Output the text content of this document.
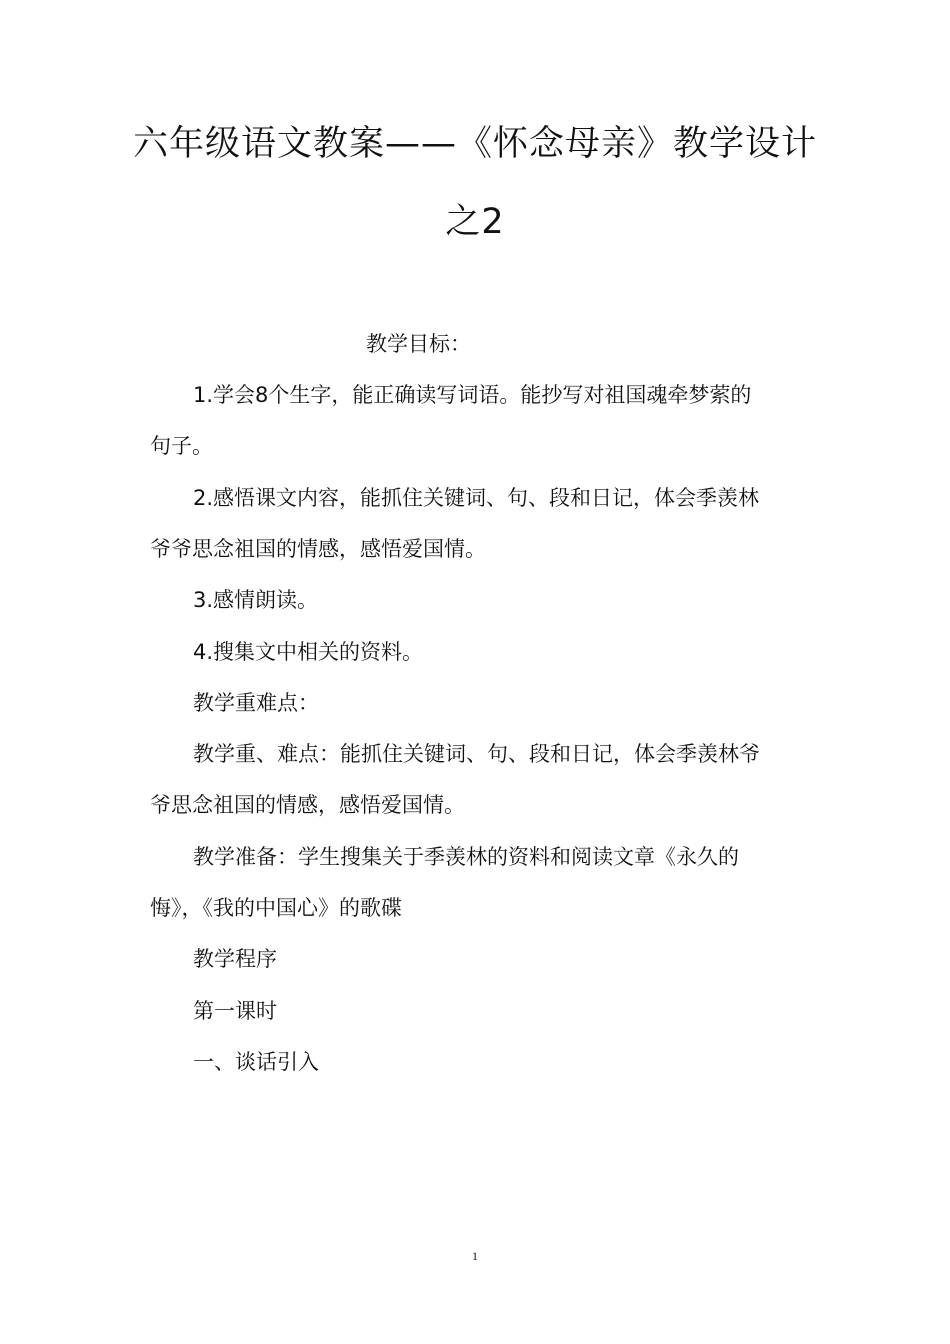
六年级语文教案——《怀念母亲》教学设计
之2

教学目标：

1.学会8个生字，能正确读写词语。能抄写对祖国魂牵梦萦的

句子。

2.感悟课文内容，能抓住关键词、句、段和日记，体会季羡林

爷爷思念祖国的情感，感悟爱国情。

3.感情朗读。

4.搜集文中相关的资料。

教学重难点：

教学重、难点：能抓住关键词、句、段和日记，体会季羡林爷

爷思念祖国的情感，感悟爱国情。

教学准备：学生搜集关于季羡林的资料和阅读文章《永久的

悔》，《我的中国心》的歌碟

教学程序

第一课时

一、谈话引入

1
